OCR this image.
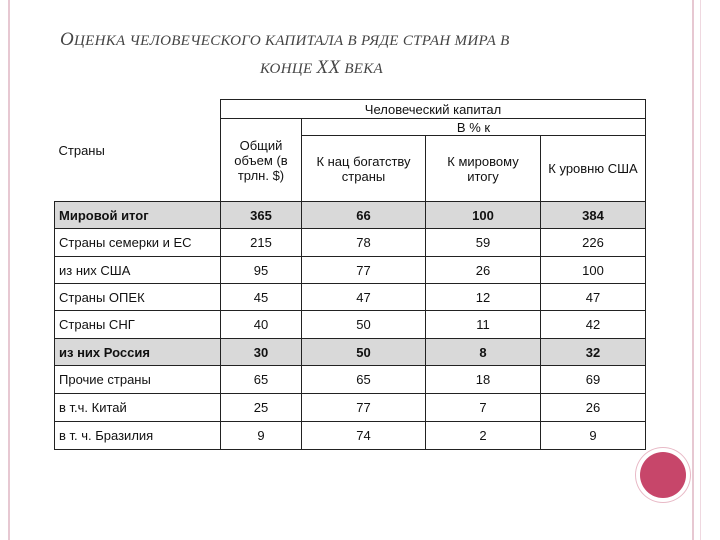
ОЦЕНКА ЧЕЛОВЕЧЕСКОГО КАПИТАЛА В РЯДЕ СТРАН МИРА В
КОНЦЕ XX ВЕКА
Страны	Человеческий капитал			
	Общий объем (в трлн. $)	В % к		
		К нац богатству страны	К мировому итогу	К уровню США
Мировой итог	365	66	100	384
Страны семерки и ЕС	215	78	59	226
из них США	95	77	26	100
Страны ОПЕК	45	47	12	47
Страны СНГ	40	50	11	42
из них Россия	30	50	8	32
Прочие страны	65	65	18	69
в т.ч. Китай	25	77	7	26
в т. ч. Бразилия	9	74	2	9
